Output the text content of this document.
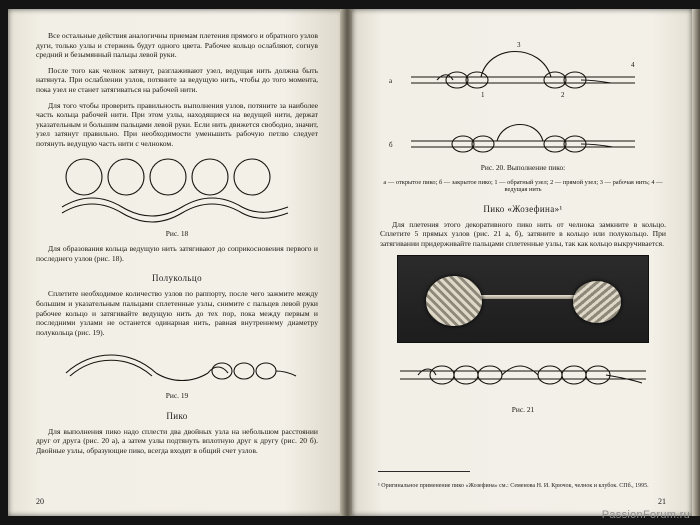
Все остальные действия аналогичны приемам плетения прямого и обратного узлов дуги, только узлы и стержень будут одного цвета. Рабочее кольцо ослабляют, согнув средний и безымянный пальцы левой руки.

После того как челнок затянут, разглаживают узел, ведущая нить должна быть натянута. При ослаблении узлов, потяните за ведущую нить, чтобы до того момента, пока узел не станет затягиваться на рабочей нити.

Для того чтобы проверить правильность выполнения узлов, потяните за наиболее часть кольца рабочей нити. При этом узлы, находящиеся на ведущей нити, держат указательным и большим пальцами левой руки. Если нить движется свободно, значит, узел затянут правильно. При необходимости уменьшить рабочую петлю следует потянуть ведущую часть нити с челноком.

Рис. 18

Для образования кольца ведущую нить затягивают до соприкосновения первого и последнего узлов (рис. 18).

Полукольцо

Сплетите необходимое количество узлов по раппорту, после чего зажмите между большим и указательным пальцами сплетенные узлы, снимите с пальцев левой руки рабочее кольцо и затягивайте ведущую нить до тех пор, пока между первым и последними узлами не останется одинарная нить, равная внутреннему диаметру полукольца (рис. 19).

Рис. 19

Пико

Для выполнения пико надо сплести два двойных узла на небольшом расстоянии друг от друга (рис. 20 а), а затем узлы подтянуть вплотную друг к другу (рис. 20 б). Двойные узлы, образующие пико, всегда входят в общий счет узлов.

20
а
б
3
4
1	2

Рис. 20. Выполнение пико:

а — открытое пико; б — закрытое пико; 1 — обратный узел; 2 — прямой узел; 3 — рабочая нить; 4 — ведущая нить

Пико «Жозефина»¹

Для плетения этого декоративного пико нить от челнока замкните в кольцо. Сплетите 5 прямых узлов (рис. 21 а, б), затяните в кольцо или полукольцо. При затягивании придерживайте пальцами сплетенные узлы, так как кольцо выкручивается.

Рис. 21

¹ Оригинальное применение пико «Жозефина» см.: Семенова Н. И. Крючок, челнок и клубок. СПб., 1995.
21
PassionForum.ru
